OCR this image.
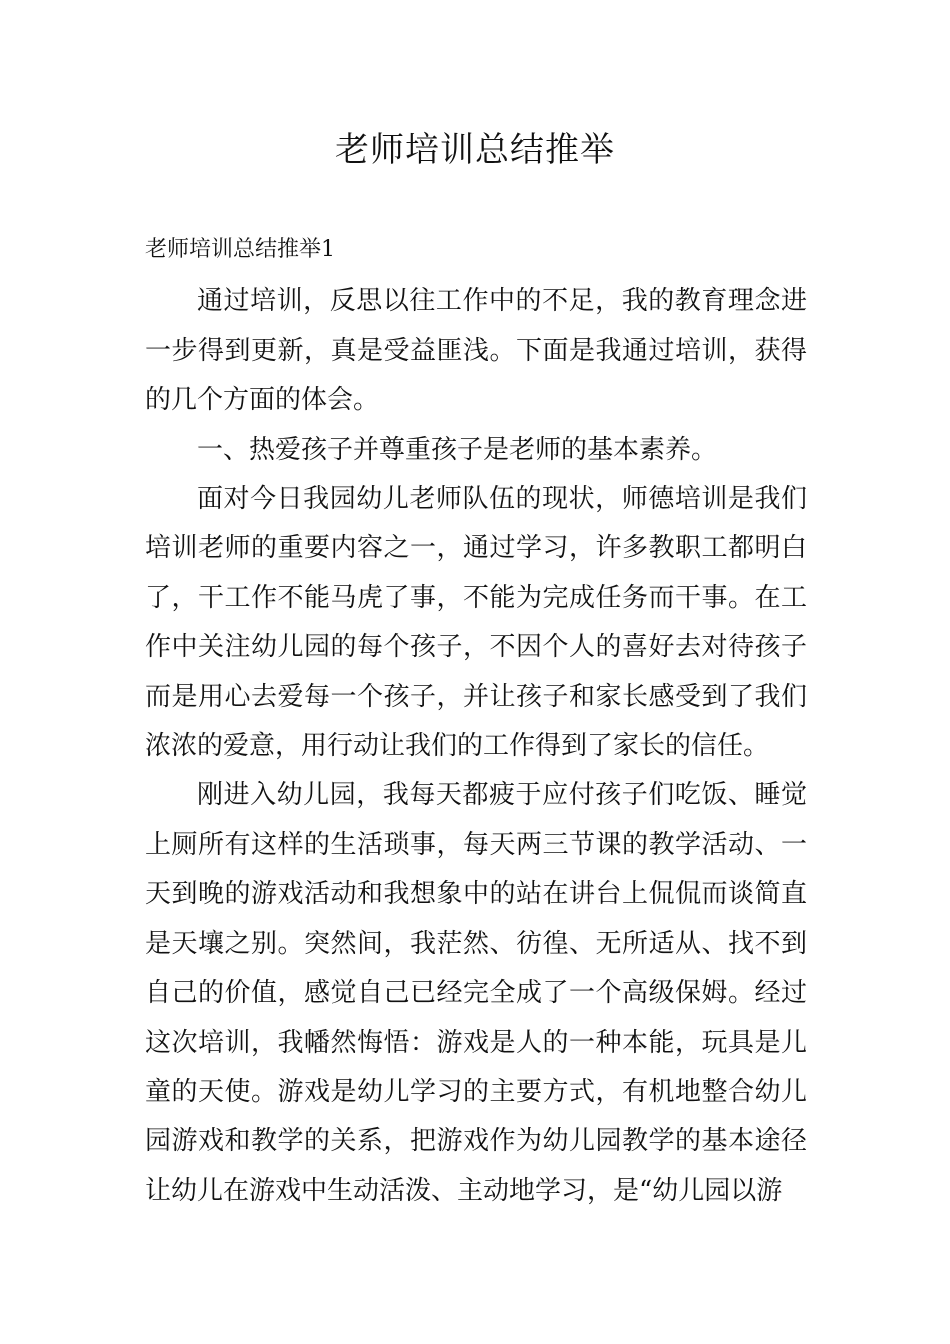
老师培训总结推举

老师培训总结推举1

通过培训，反思以往工作中的不足，我的教育理念进一步得到更新，真是受益匪浅。下面是我通过培训，获得的几个方面的体会。

一、热爱孩子并尊重孩子是老师的基本素养。

面对今日我园幼儿老师队伍的现状，师德培训是我们培训老师的重要内容之一，通过学习，许多教职工都明白了，干工作不能马虎了事，不能为完成任务而干事。在工作中关注幼儿园的每个孩子，不因个人的喜好去对待孩子而是用心去爱每一个孩子，并让孩子和家长感受到了我们浓浓的爱意，用行动让我们的工作得到了家长的信任。

刚进入幼儿园，我每天都疲于应付孩子们吃饭、睡觉上厕所有这样的生活琐事，每天两三节课的教学活动、一天到晚的游戏活动和我想象中的站在讲台上侃侃而谈简直是天壤之别。突然间，我茫然、彷徨、无所适从、找不到自己的价值，感觉自己已经完全成了一个高级保姆。经过这次培训，我幡然悔悟：游戏是人的一种本能，玩具是儿童的天使。游戏是幼儿学习的主要方式，有机地整合幼儿园游戏和教学的关系，把游戏作为幼儿园教学的基本途径让幼儿在游戏中生动活泼、主动地学习，是“幼儿园以游
